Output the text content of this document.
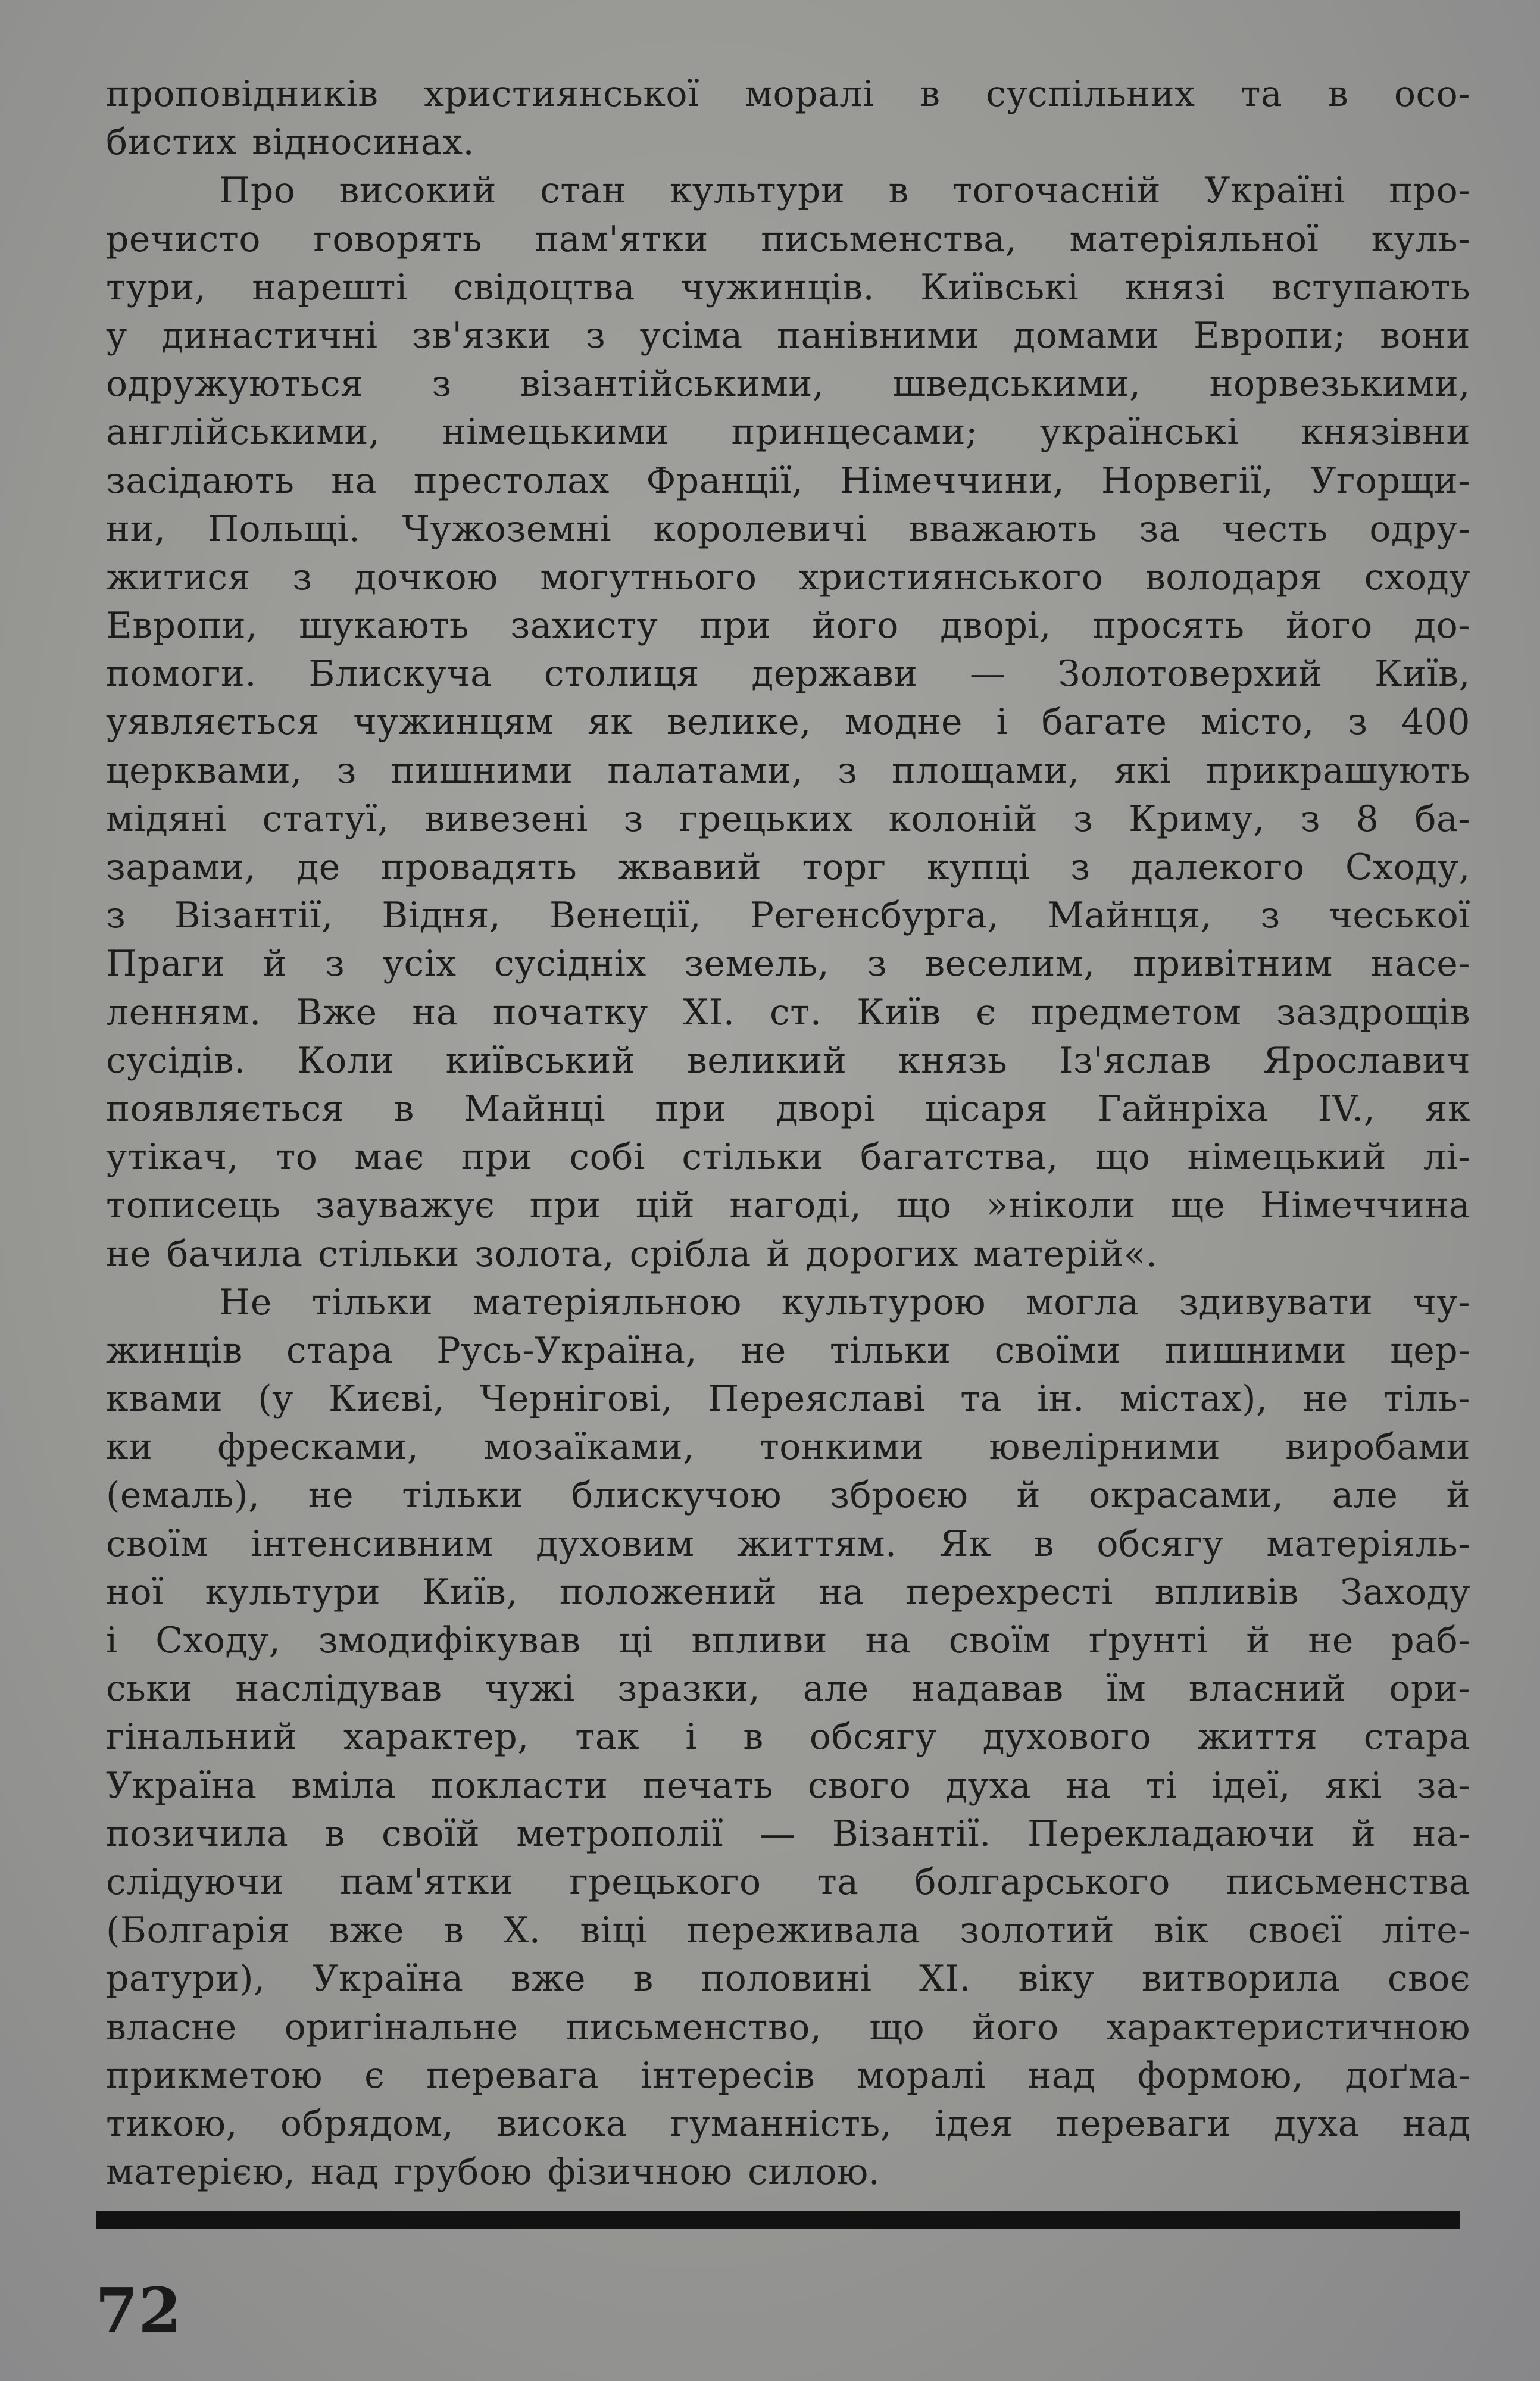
проповідників християнської моралі в суспільних та в осо-
бистих відносинах.
Про високий стан культури в тогочасній Україні про-
речисто говорять пам'ятки письменства, матеріяльної куль-
тури, нарешті свідоцтва чужинців. Київські князі вступають
у династичні зв'язки з усіма панівними домами Европи; вони
одружуються з візантійськими, шведськими, норвезькими,
англійськими, німецькими принцесами; українські князівни
засідають на престолах Франції, Німеччини, Норвегії, Угорщи-
ни, Польщі. Чужоземні королевичі вважають за честь одру-
житися з дочкою могутнього християнського володаря сходу
Европи, шукають захисту при його дворі, просять його до-
помоги. Блискуча столиця держави — Золотоверхий Київ,
уявляється чужинцям як велике, модне і багате місто, з 400
церквами, з пишними палатами, з площами, які прикрашують
мідяні статуї, вивезені з грецьких колоній з Криму, з 8 ба-
зарами, де провадять жвавий торг купці з далекого Сходу,
з Візантії, Відня, Венеції, Регенсбурга, Майнця, з чеської
Праги й з усіх сусідніх земель, з веселим, привітним насе-
ленням. Вже на початку XI. ст. Київ є предметом заздрощів
сусідів. Коли київський великий князь Із'яслав Ярославич
появляється в Майнці при дворі цісаря Гайнріха IV., як
утікач, то має при собі стільки багатства, що німецький лі-
тописець зауважує при цій нагоді, що »ніколи ще Німеччина
не бачила стільки золота, срібла й дорогих матерій«.
Не тільки матеріяльною культурою могла здивувати чу-
жинців стара Русь-Україна, не тільки своїми пишними цер-
квами (у Києві, Чернігові, Переяславі та ін. містах), не тіль-
ки фресками, мозаїками, тонкими ювелірними виробами
(емаль), не тільки блискучою зброєю й окрасами, але й
своїм інтенсивним духовим життям. Як в обсягу матеріяль-
ної культури Київ, положений на перехресті впливів Заходу
і Сходу, змодифікував ці впливи на своїм ґрунті й не раб-
ськи наслідував чужі зразки, але надавав їм власний ори-
гінальний характер, так і в обсягу духового життя стара
Україна вміла покласти печать свого духа на ті ідеї, які за-
позичила в своїй метрополії — Візантії. Перекладаючи й на-
слідуючи пам'ятки грецького та болгарського письменства
(Болгарія вже в X. віці переживала золотий вік своєї літе-
ратури), Україна вже в половині XI. віку витворила своє
власне оригінальне письменство, що його характеристичною
прикметою є перевага інтересів моралі над формою, доґма-
тикою, обрядом, висока гуманність, ідея переваги духа над
матерією, над грубою фізичною силою.
72
